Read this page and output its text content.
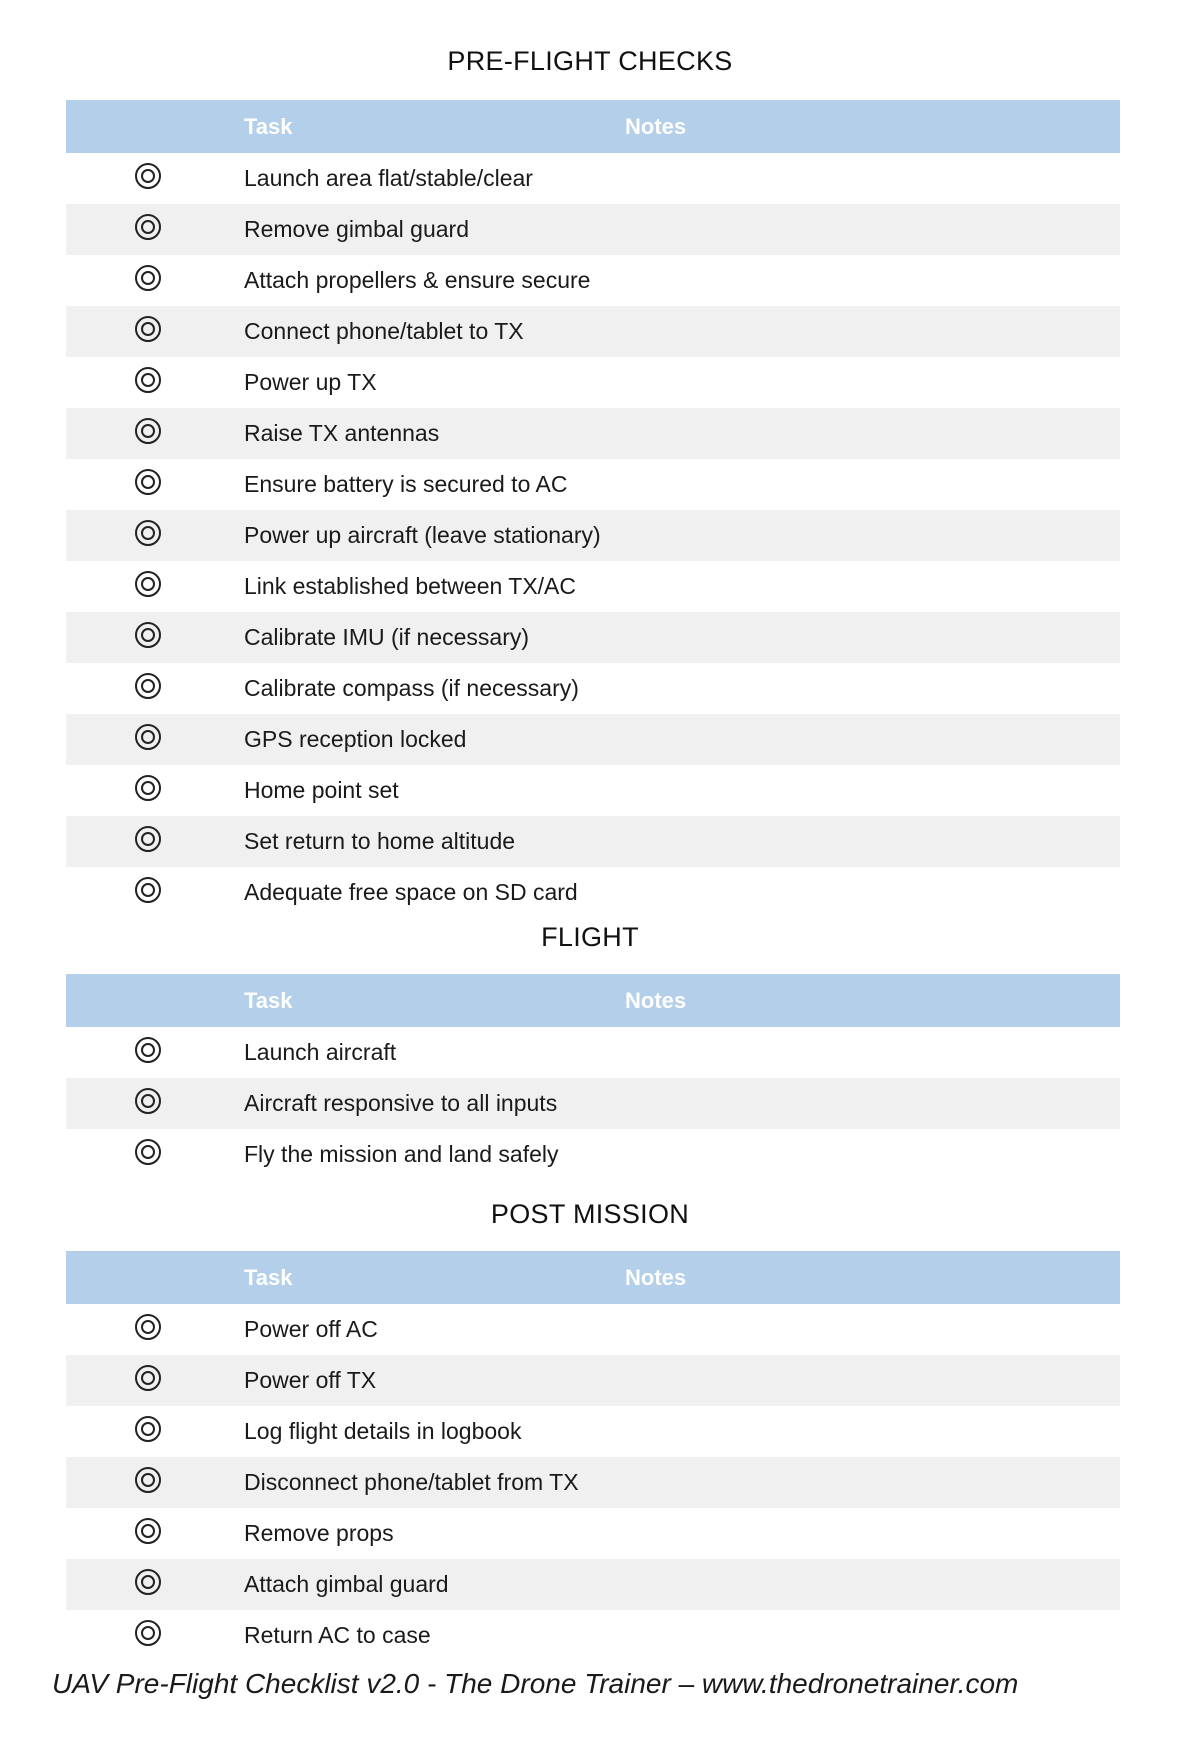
PRE-FLIGHT CHECKS
Task	Notes
Launch area flat/stable/clear
Remove gimbal guard
Attach propellers & ensure secure
Connect phone/tablet to TX
Power up TX
Raise TX antennas
Ensure battery is secured to AC
Power up aircraft (leave stationary)
Link established between TX/AC
Calibrate IMU (if necessary)
Calibrate compass (if necessary)
GPS reception locked
Home point set
Set return to home altitude
Adequate free space on SD card
FLIGHT
Task	Notes
Launch aircraft
Aircraft responsive to all inputs
Fly the mission and land safely
POST MISSION
Task	Notes
Power off AC
Power off TX
Log flight details in logbook
Disconnect phone/tablet from TX
Remove props
Attach gimbal guard
Return AC to case
UAV Pre-Flight Checklist v2.0 - The Drone Trainer – www.thedronetrainer.com
